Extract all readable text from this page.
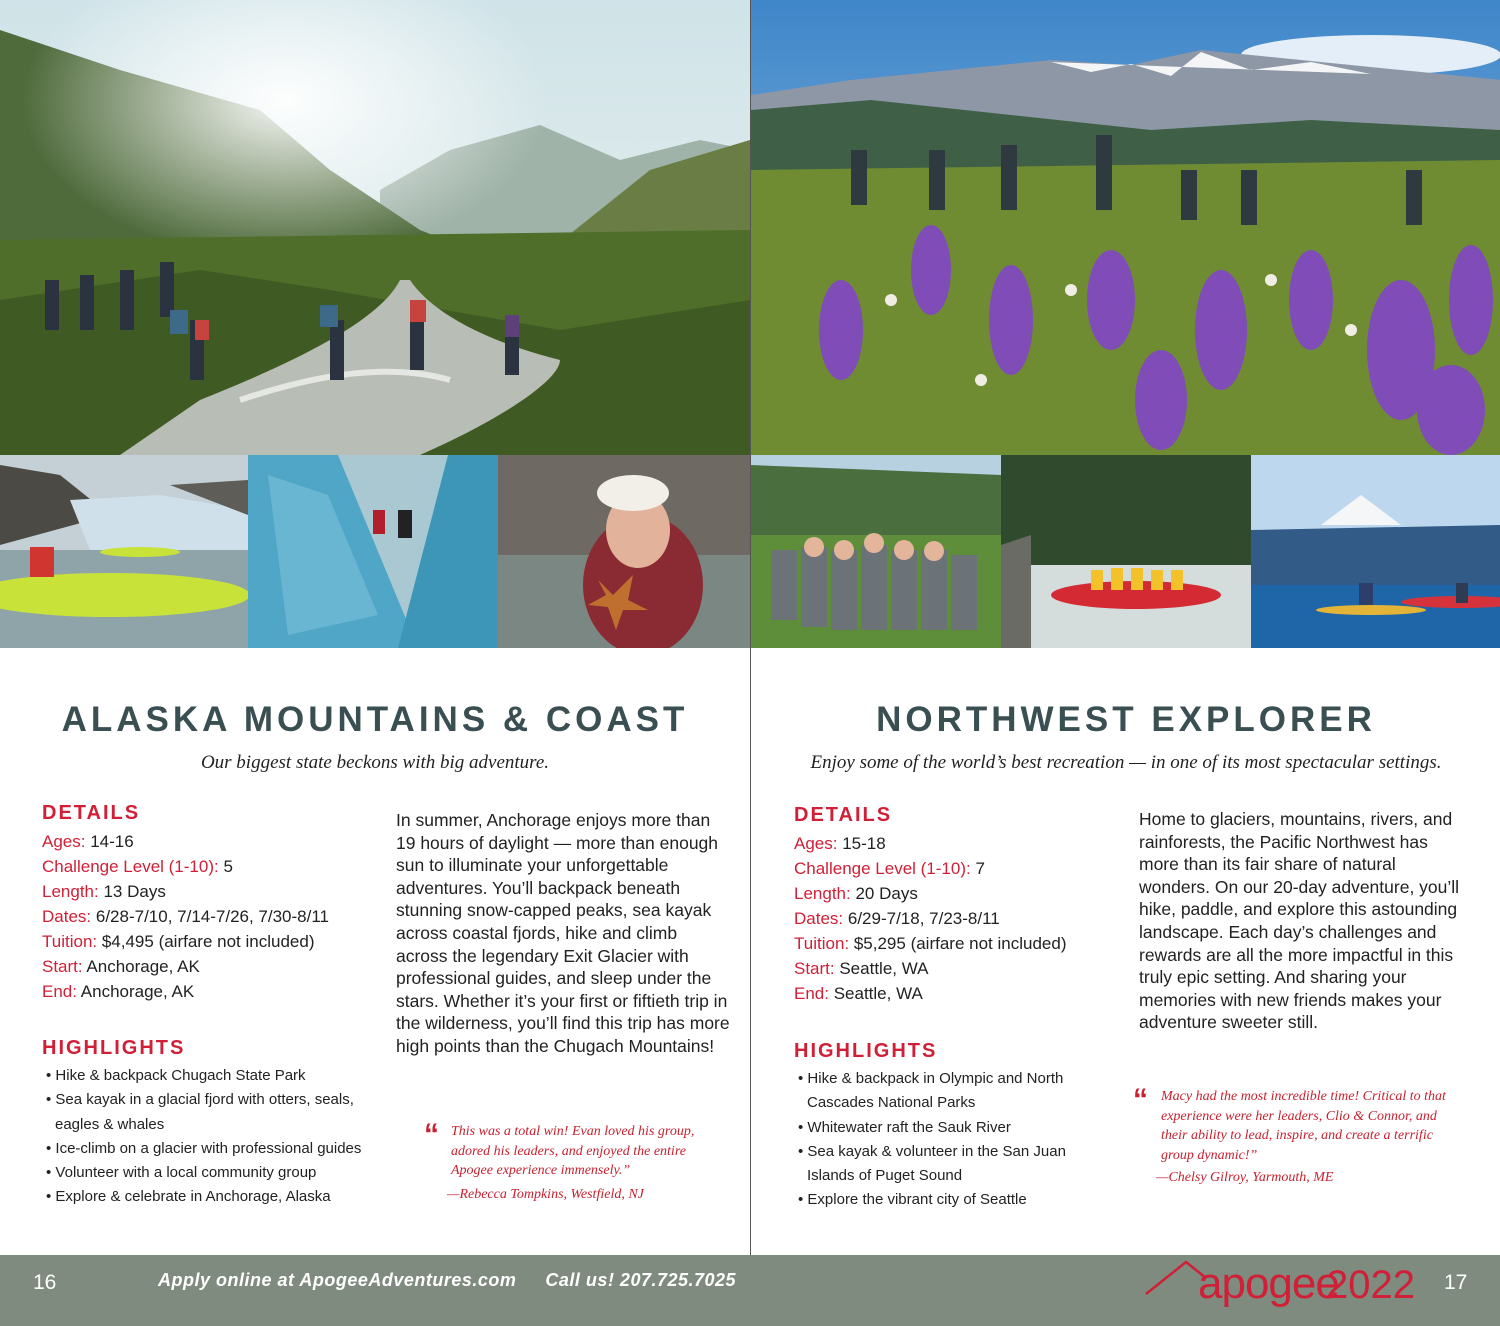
ALASKA MOUNTAINS & COAST
Our biggest state beckons with big adventure.
DETAILS
Ages: 14-16
Challenge Level (1-10): 5
Length: 13 Days
Dates: 6/28-7/10, 7/14-7/26, 7/30-8/11
Tuition: $4,495 (airfare not included)
Start: Anchorage, AK
End: Anchorage, AK
HIGHLIGHTS
• Hike & backpack Chugach State Park
• Sea kayak in a glacial fjord with otters, seals, eagles & whales
• Ice-climb on a glacier with professional guides
• Volunteer with a local community group
• Explore & celebrate in Anchorage, Alaska
In summer, Anchorage enjoys more than 19 hours of daylight — more than enough sun to illuminate your unforgettable adventures. You’ll backpack beneath stunning snow-capped peaks, sea kayak across coastal fjords, hike and climb across the legendary Exit Glacier with professional guides, and sleep under the stars. Whether it’s your first or fiftieth trip in the wilderness, you’ll find this trip has more high points than the Chugach Mountains!
“ This was a total win! Evan loved his group, adored his leaders, and enjoyed the entire Apogee experience immensely.”
—Rebecca Tompkins, Westfield, NJ
NORTHWEST EXPLORER
Enjoy some of the world’s best recreation — in one of its most spectacular settings.
DETAILS
Ages: 15-18
Challenge Level (1-10): 7
Length: 20 Days
Dates: 6/29-7/18, 7/23-8/11
Tuition: $5,295 (airfare not included)
Start: Seattle, WA
End: Seattle, WA
HIGHLIGHTS
• Hike & backpack in Olympic and North Cascades National Parks
• Whitewater raft the Sauk River
• Sea kayak & volunteer in the San Juan Islands of Puget Sound
• Explore the vibrant city of Seattle
Home to glaciers, mountains, rivers, and rainforests, the Pacific Northwest has more than its fair share of natural wonders. On our 20-day adventure, you’ll hike, paddle, and explore this astounding landscape. Each day’s challenges and rewards are all the more impactful in this truly epic setting. And sharing your memories with new friends makes your adventure sweeter still.
“ Macy had the most incredible time! Critical to that experience were her leaders, Clio & Connor, and their ability to lead, inspire, and create a terrific group dynamic!”
—Chelsy Gilroy, Yarmouth, ME
16	Apply online at ApogeeAdventures.com Call us! 207.725.7025	apogee
2022 17
